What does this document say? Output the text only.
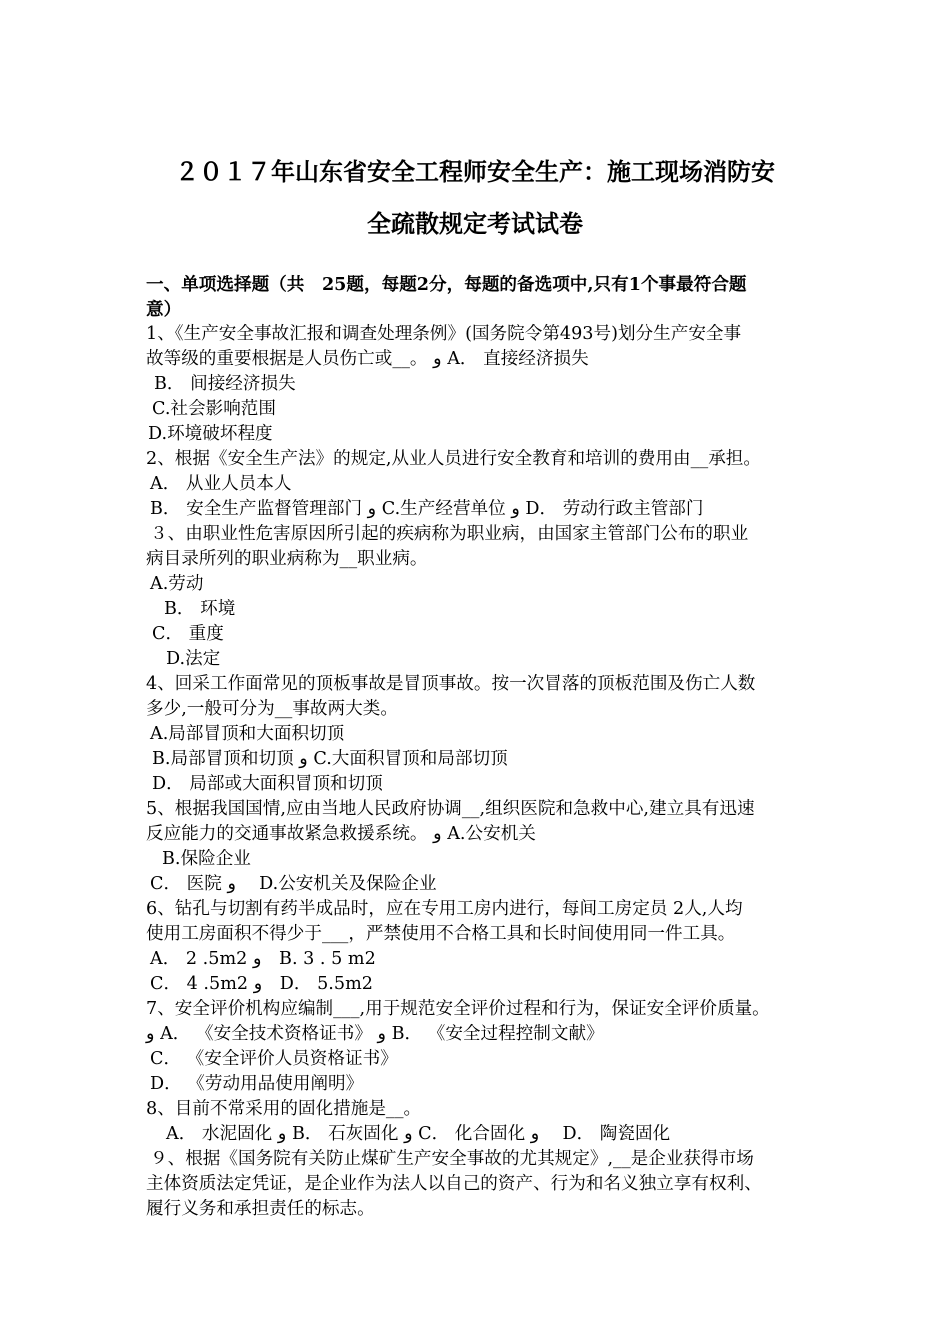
２０１７年山东省安全工程师安全生产：施工现场消防安
全疏散规定考试试卷
一、单项选择题（共　25题，每题2分，每题的备选项中,只有1个事最符合题
意）
1、《生产安全事故汇报和调查处理条例》(国务院令第493号)划分生产安全事
故等级的重要根据是人员伤亡或__。 و A． 直接经济损失
B． 间接经济损失
C.社会影响范围
D.环境破坏程度
2、根据《安全生产法》的规定,从业人员进行安全教育和培训的费用由__承担。
A． 从业人员本人
B． 安全生产监督管理部门 و C.生产经营单位 و D． 劳动行政主管部门
３、由职业性危害原因所引起的疾病称为职业病，由国家主管部门公布的职业
病目录所列的职业病称为__职业病。
A.劳动
B． 环境
C． 重度
D.法定
4、回采工作面常见的顶板事故是冒顶事故。按一次冒落的顶板范围及伤亡人数
多少,一般可分为__事故两大类。
A.局部冒顶和大面积切顶
B.局部冒顶和切顶 و C.大面积冒顶和局部切顶
D． 局部或大面积冒顶和切顶
5、根据我国国情,应由当地人民政府协调__,组织医院和急救中心,建立具有迅速
反应能力的交通事故紧急救援系统。 و A.公安机关
B.保险企业
C． 医院 و　 D.公安机关及保险企业
6、钻孔与切割有药半成品时，应在专用工房内进行，每间工房定员 2人,人均
使用工房面积不得少于___，严禁使用不合格工具和长时间使用同一件工具。
A． 2 .5m2 و　B. 3 . 5 m2
C． 4 .5m2 و　D． 5.5m2
7、安全评价机构应编制___,用于规范安全评价过程和行为，保证安全评价质量。
و A． 《安全技术资格证书》 و B． 《安全过程控制文献》
C． 《安全评价人员资格证书》
D． 《劳动用品使用阐明》
8、目前不常采用的固化措施是__。
A． 水泥固化 و B． 石灰固化 و C． 化合固化 و　 D． 陶瓷固化
９、根据《国务院有关防止煤矿生产安全事故的尤其规定》,__是企业获得市场
主体资质法定凭证，是企业作为法人以自己的资产、行为和名义独立享有权利、
履行义务和承担责任的标志。
